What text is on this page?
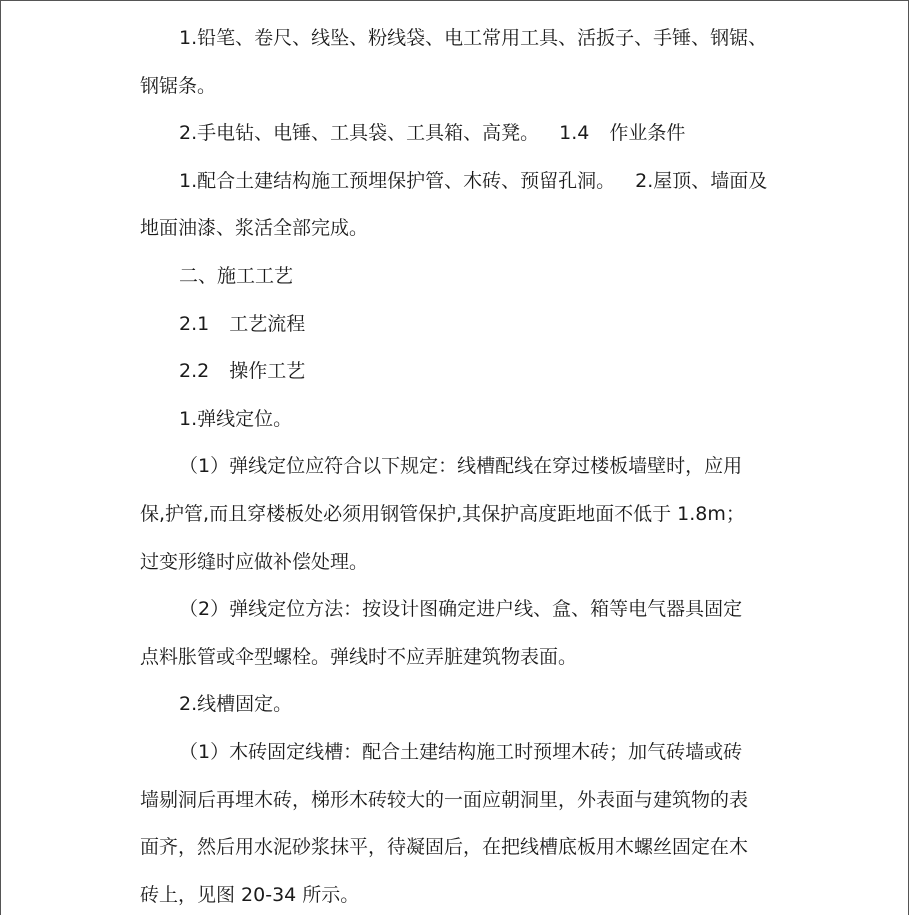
1.铅笔、卷尺、线坠、粉线袋、电工常用工具、活扳子、手锤、钢锯、
钢锯条。

2.手电钻、电锤、工具袋、工具箱、高凳。 1.4 作业条件

1.配合土建结构施工预埋保护管、木砖、预留孔洞。 2.屋顶、墙面及
地面油漆、浆活全部完成。

二、施工工艺

2.1 工艺流程

2.2 操作工艺

1.弹线定位。

（1）弹线定位应符合以下规定：线槽配线在穿过楼板墙壁时，应用
保,护管,而且穿楼板处必须用钢管保护,其保护高度距地面不低于 1.8m；
过变形缝时应做补偿处理。

（2）弹线定位方法：按设计图确定进户线、盒、箱等电气器具固定
点料胀管或伞型螺栓。弹线时不应弄脏建筑物表面。

2.线槽固定。

（1）木砖固定线槽：配合土建结构施工时预埋木砖；加气砖墙或砖
墙剔洞后再埋木砖，梯形木砖较大的一面应朝洞里，外表面与建筑物的表
面齐，然后用水泥砂浆抹平，待凝固后，在把线槽底板用木螺丝固定在木
砖上，见图 20-34 所示。
